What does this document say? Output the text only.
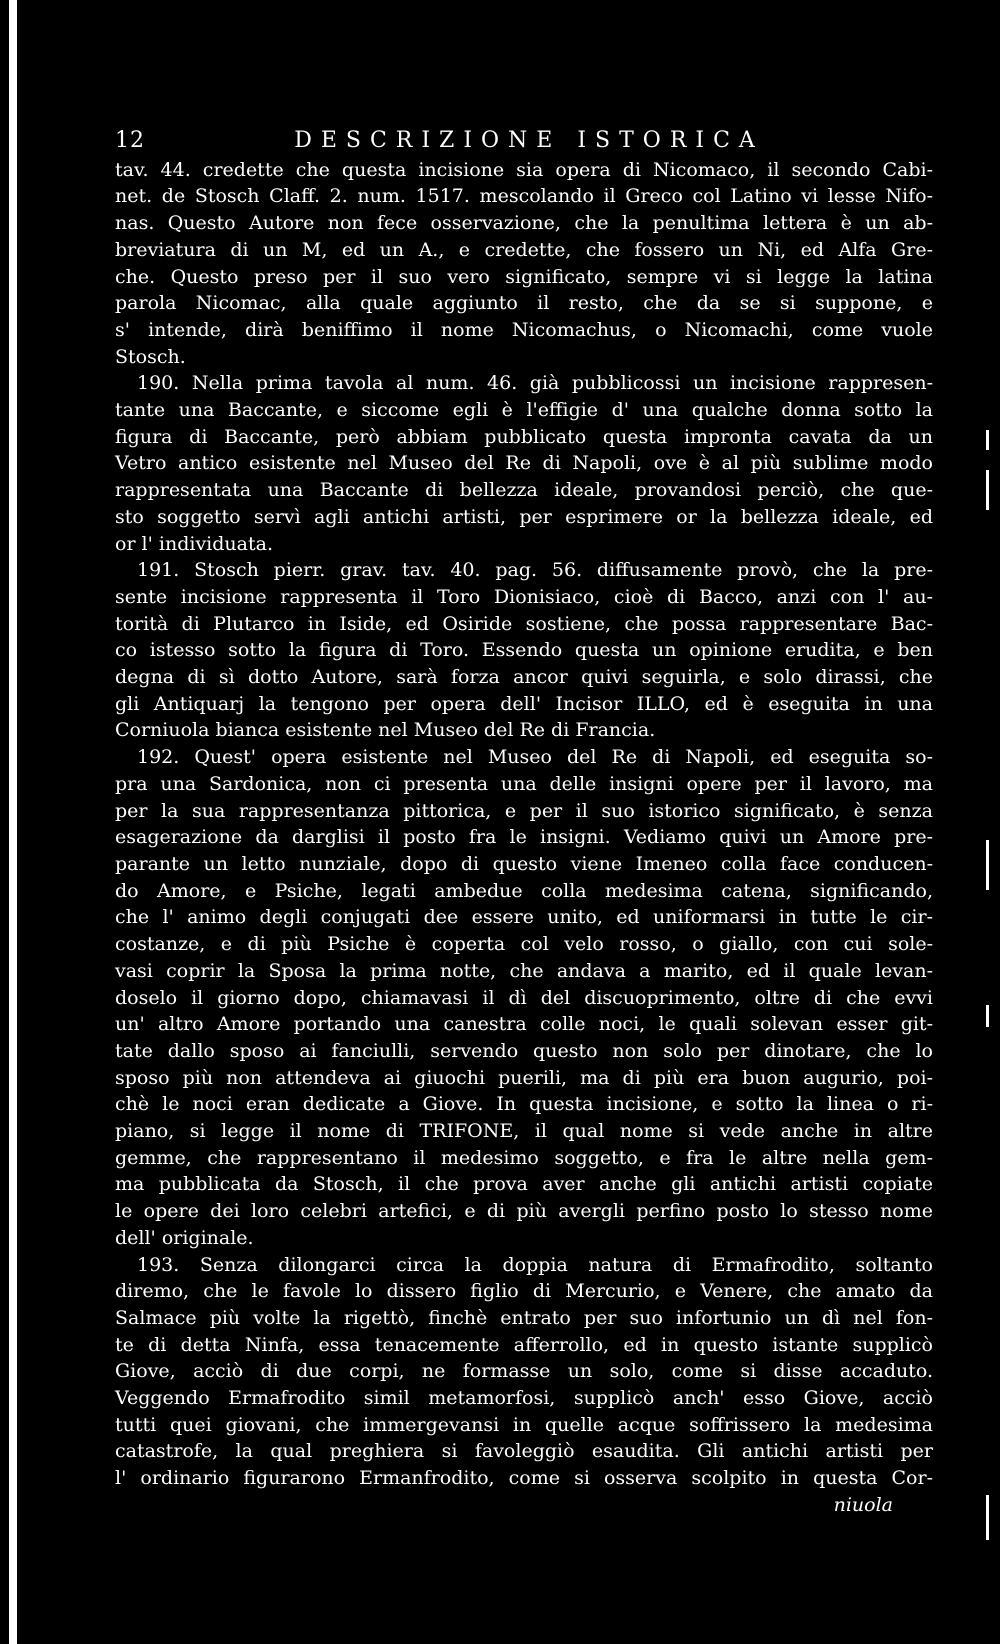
12	DESCRIZIONE ISTORICA
tav. 44. credette che questa incisione sia opera di Nicomaco, il secondo Cabi-
net. de Stosch Claff. 2. num. 1517. mescolando il Greco col Latino vi lesse Nifo-
nas. Questo Autore non fece osservazione, che la penultima lettera è un ab-
breviatura di un M, ed un A., e credette, che fossero un Ni, ed Alfa Gre-
che. Questo preso per il suo vero significato, sempre vi si legge la latina
parola Nicomac, alla quale aggiunto il resto, che da se si suppone, e
s' intende, dirà beniffimo il nome Nicomachus, o Nicomachi, come vuole
Stosch.
190. Nella prima tavola al num. 46. già pubblicossi un incisione rappresen-
tante una Baccante, e siccome egli è l'effigie d' una qualche donna sotto la
figura di Baccante, però abbiam pubblicato questa impronta cavata da un
Vetro antico esistente nel Museo del Re di Napoli, ove è al più sublime modo
rappresentata una Baccante di bellezza ideale, provandosi perciò, che que-
sto soggetto servì agli antichi artisti, per esprimere or la bellezza ideale, ed
or l' individuata.
191. Stosch pierr. grav. tav. 40. pag. 56. diffusamente provò, che la pre-
sente incisione rappresenta il Toro Dionisiaco, cioè di Bacco, anzi con l' au-
torità di Plutarco in Iside, ed Osiride sostiene, che possa rappresentare Bac-
co istesso sotto la figura di Toro. Essendo questa un opinione erudita, e ben
degna di sì dotto Autore, sarà forza ancor quivi seguirla, e solo dirassi, che
gli Antiquarj la tengono per opera dell' Incisor ILLO, ed è eseguita in una
Corniuola bianca esistente nel Museo del Re di Francia.
192. Quest' opera esistente nel Museo del Re di Napoli, ed eseguita so-
pra una Sardonica, non ci presenta una delle insigni opere per il lavoro, ma
per la sua rappresentanza pittorica, e per il suo istorico significato, è senza
esagerazione da darglisi il posto fra le insigni. Vediamo quivi un Amore pre-
parante un letto nunziale, dopo di questo viene Imeneo colla face conducen-
do Amore, e Psiche, legati ambedue colla medesima catena, significando,
che l' animo degli conjugati dee essere unito, ed uniformarsi in tutte le cir-
costanze, e di più Psiche è coperta col velo rosso, o giallo, con cui sole-
vasi coprir la Sposa la prima notte, che andava a marito, ed il quale levan-
doselo il giorno dopo, chiamavasi il dì del discuoprimento, oltre di che evvi
un' altro Amore portando una canestra colle noci, le quali solevan esser git-
tate dallo sposo ai fanciulli, servendo questo non solo per dinotare, che lo
sposo più non attendeva ai giuochi puerili, ma di più era buon augurio, poi-
chè le noci eran dedicate a Giove. In questa incisione, e sotto la linea o ri-
piano, si legge il nome di TRIFONE, il qual nome si vede anche in altre
gemme, che rappresentano il medesimo soggetto, e fra le altre nella gem-
ma pubblicata da Stosch, il che prova aver anche gli antichi artisti copiate
le opere dei loro celebri artefici, e di più avergli perfino posto lo stesso nome
dell' originale.
193. Senza dilongarci circa la doppia natura di Ermafrodito, soltanto
diremo, che le favole lo dissero figlio di Mercurio, e Venere, che amato da
Salmace più volte la rigettò, finchè entrato per suo infortunio un dì nel fon-
te di detta Ninfa, essa tenacemente afferrollo, ed in questo istante supplicò
Giove, acciò di due corpi, ne formasse un solo, come si disse accaduto.
Veggendo Ermafrodito simil metamorfosi, supplicò anch' esso Giove, acciò
tutti quei giovani, che immergevansi in quelle acque soffrissero la medesima
catastrofe, la qual preghiera si favoleggiò esaudita. Gli antichi artisti per
l' ordinario figurarono Ermanfrodito, come si osserva scolpito in questa Cor-
niuola
